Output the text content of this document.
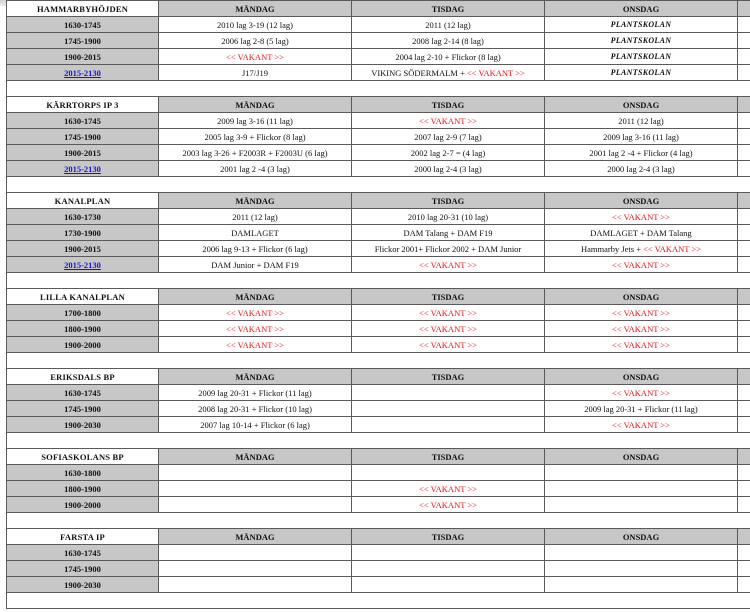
HAMMARBYHÖJDEN	MÅNDAG	TISDAG	ONSDAG	
1630-1745	2010 lag 3-19 (12 lag)	2011 (12 lag)	PLANTSKOLAN	
1745-1900	2006 lag 2-8 (5 lag)	2008 lag 2-14 (8 lag)	PLANTSKOLAN	
1900-2015	<< VAKANT >>	2004 lag 2-10 + Flickor (8 lag)	PLANTSKOLAN	
2015-2130	J17/J19	VIKING SÖDERMALM + << VAKANT >>	PLANTSKOLAN	

KÄRRTORPS IP 3	MÅNDAG	TISDAG	ONSDAG	
1630-1745	2009 lag 3-16 (11 lag)	<< VAKANT >>	2011 (12 lag)	
1745-1900	2005 lag 3-9 + Flickor (8 lag)	2007 lag 2-9 (7 lag)	2009 lag 3-16 (11 lag)	
1900-2015	2003 lag 3-26 + F2003R + F2003U (6 lag)	2002 lag 2-7 = (4 lag)	2001 lag 2 -4 + Flickor (4 lag)	
2015-2130	2001 lag 2 -4 (3 lag)	2000 lag 2-4 (3 lag)	2000 lag 2-4 (3 lag)	

KANALPLAN	MÅNDAG	TISDAG	ONSDAG	
1630-1730	2011 (12 lag)	2010 lag 20-31 (10 lag)	<< VAKANT >>	
1730-1900	DAMLAGET	DAM Talang + DAM F19	DAMLAGET + DAM Talang	
1900-2015	2006 lag 9-13 + Flickor (6 lag)	Flickor 2001+ Flickor 2002 + DAM Junior	Hammarby Jets + << VAKANT >>	
2015-2130	DAM Junior + DAM F19	<< VAKANT >>	<< VAKANT >>	

LILLA KANALPLAN	MÅNDAG	TISDAG	ONSDAG	
1700-1800	<< VAKANT >>	<< VAKANT >>	<< VAKANT >>	
1800-1900	<< VAKANT >>	<< VAKANT >>	<< VAKANT >>	
1900-2000	<< VAKANT >>	<< VAKANT >>	<< VAKANT >>	

ERIKSDALS BP	MÅNDAG	TISDAG	ONSDAG	
1630-1745	2009 lag 20-31 + Flickor (11 lag)		<< VAKANT >>	
1745-1900	2008 lag 20-31 + Flickor (10 lag)		2009 lag 20-31 + Flickor (11 lag)	
1900-2030	2007 lag 10-14 + Flickor (6 lag)		<< VAKANT >>	

SOFIASKOLANS BP	MÅNDAG	TISDAG	ONSDAG	
1630-1800				
1800-1900		<< VAKANT >>		
1900-2000		<< VAKANT >>		

FARSTA IP	MÅNDAG	TISDAG	ONSDAG	
1630-1745				
1745-1900				
1900-2030				
